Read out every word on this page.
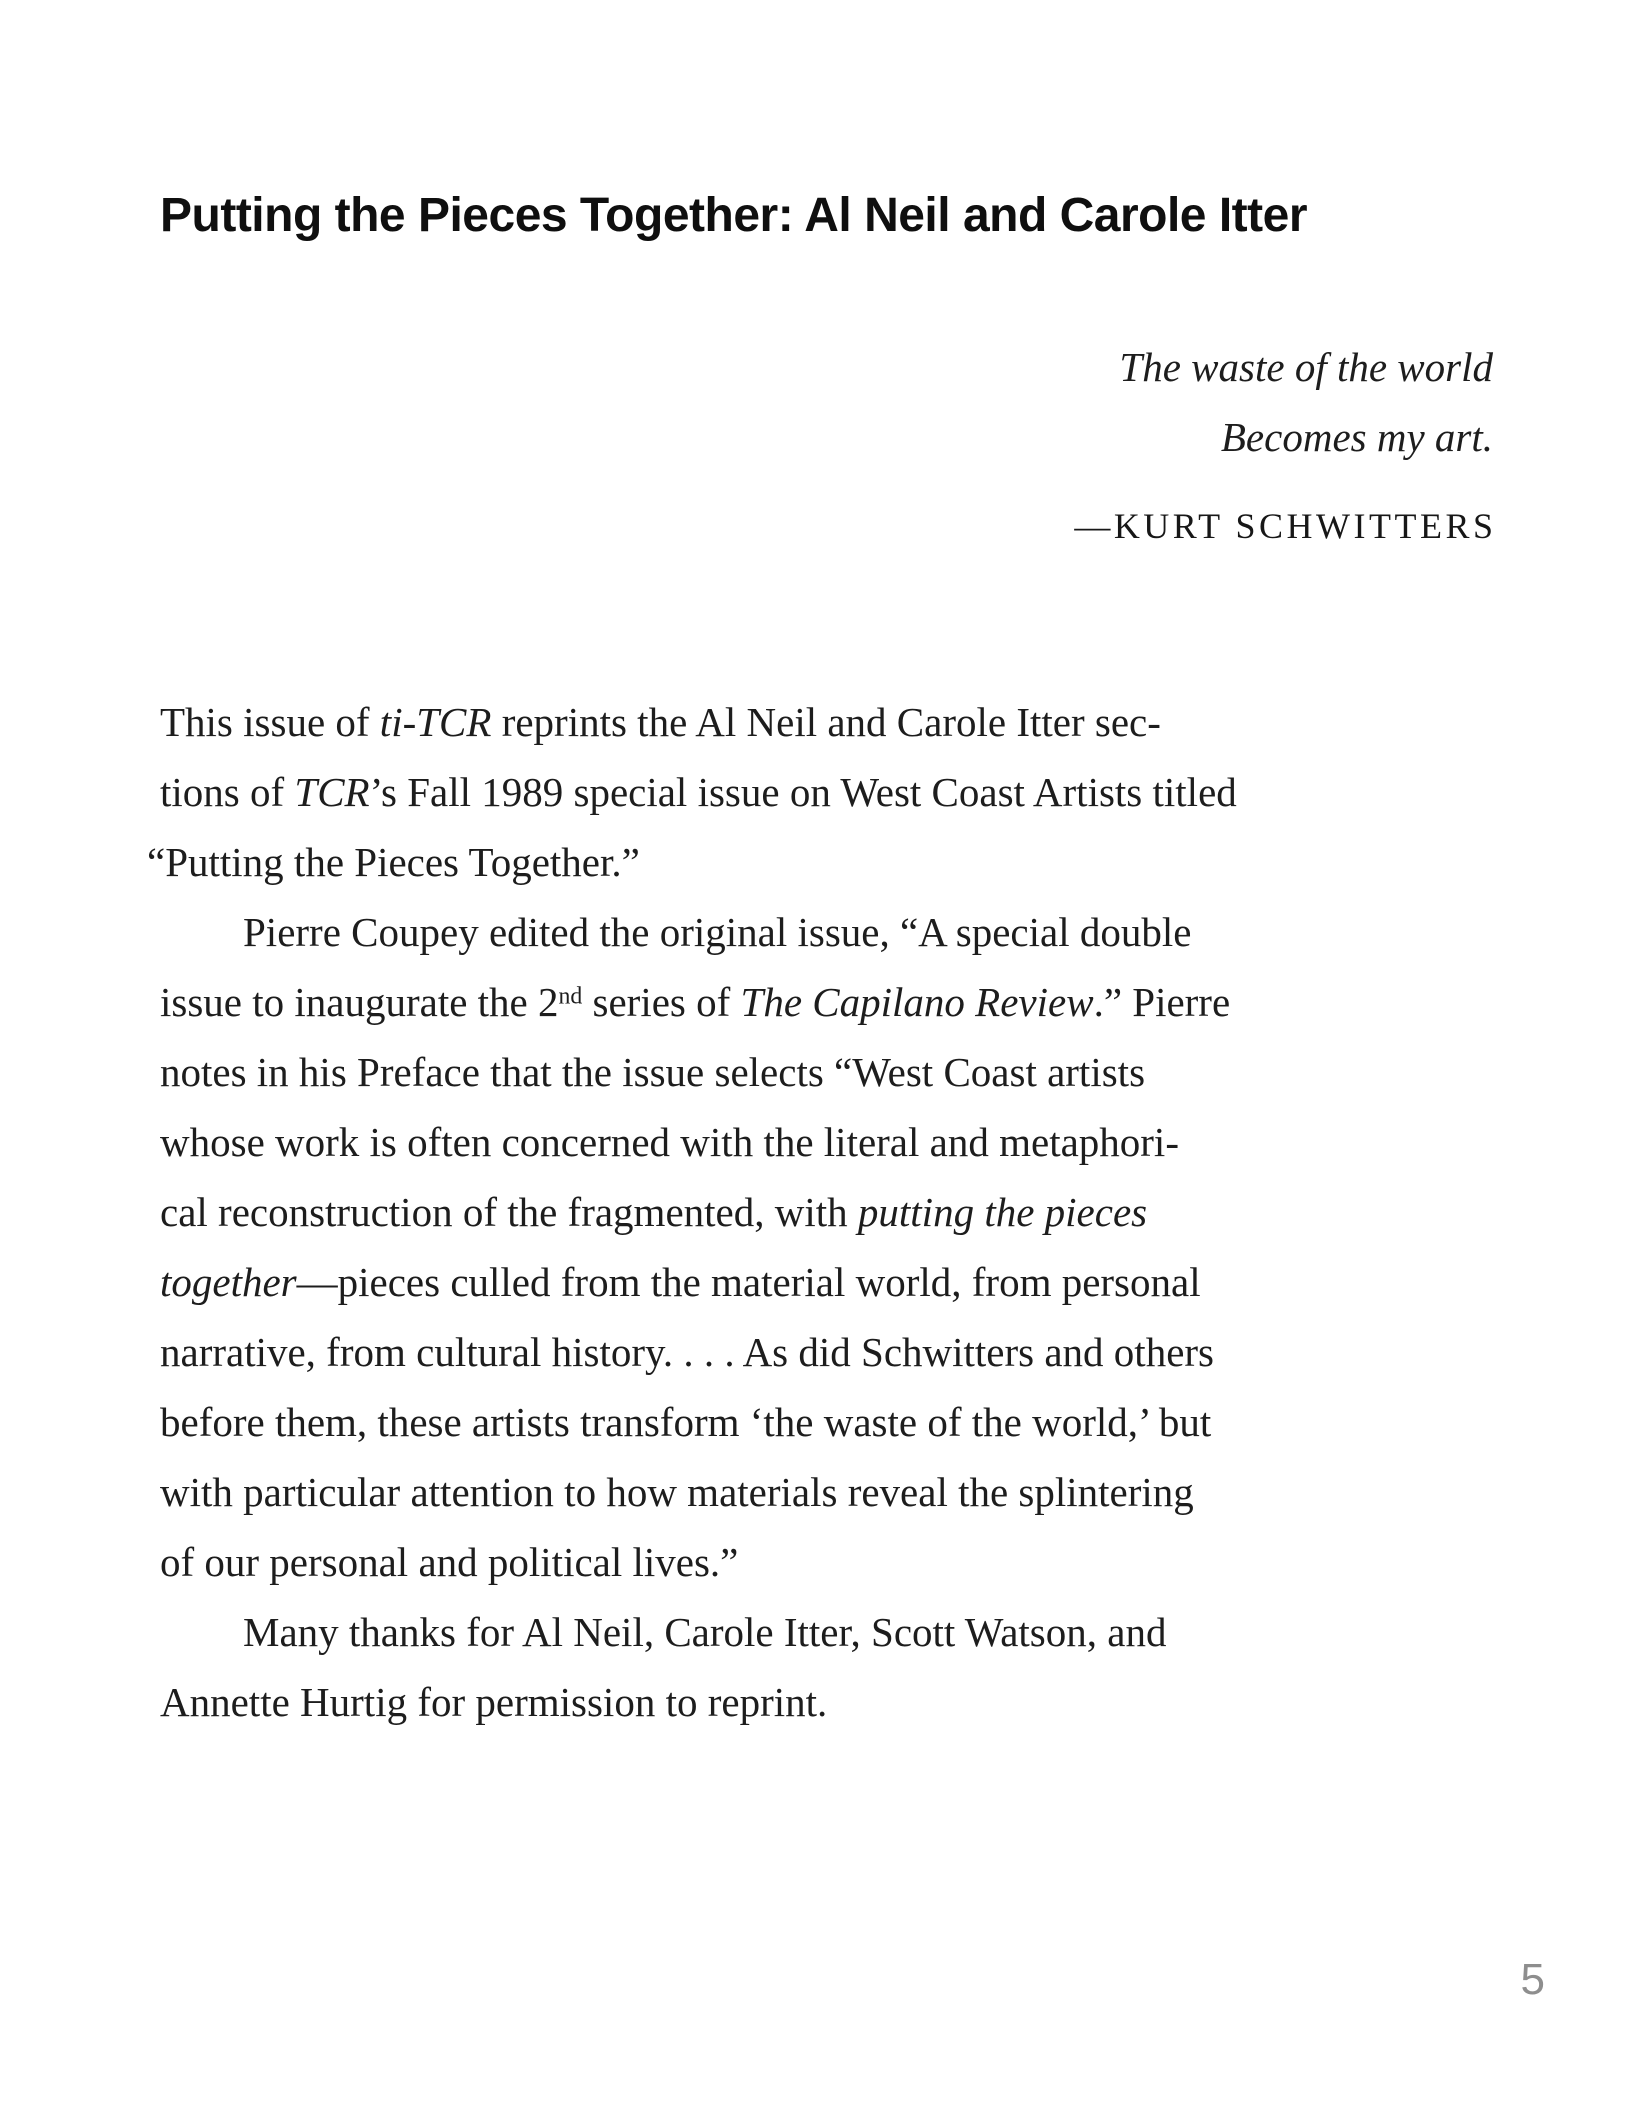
Putting the Pieces Together: Al Neil and Carole Itter
The waste of the world
Becomes my art.
—KURT SCHWITTERS
This issue of ti-TCR reprints the Al Neil and Carole Itter sec-
tions of TCR’s Fall 1989 special issue on West Coast Artists titled
“Putting the Pieces Together.”
Pierre Coupey edited the original issue, “A special double
issue to inaugurate the 2nd series of The Capilano Review.” Pierre
notes in his Preface that the issue selects “West Coast artists
whose work is often concerned with the literal and metaphori-
cal reconstruction of the fragmented, with putting the pieces
together—pieces culled from the material world, from personal
narrative, from cultural history. . . . As did Schwitters and others
before them, these artists transform ‘the waste of the world,’ but
with particular attention to how materials reveal the splintering
of our personal and political lives.”
Many thanks for Al Neil, Carole Itter, Scott Watson, and
Annette Hurtig for permission to reprint.
5
